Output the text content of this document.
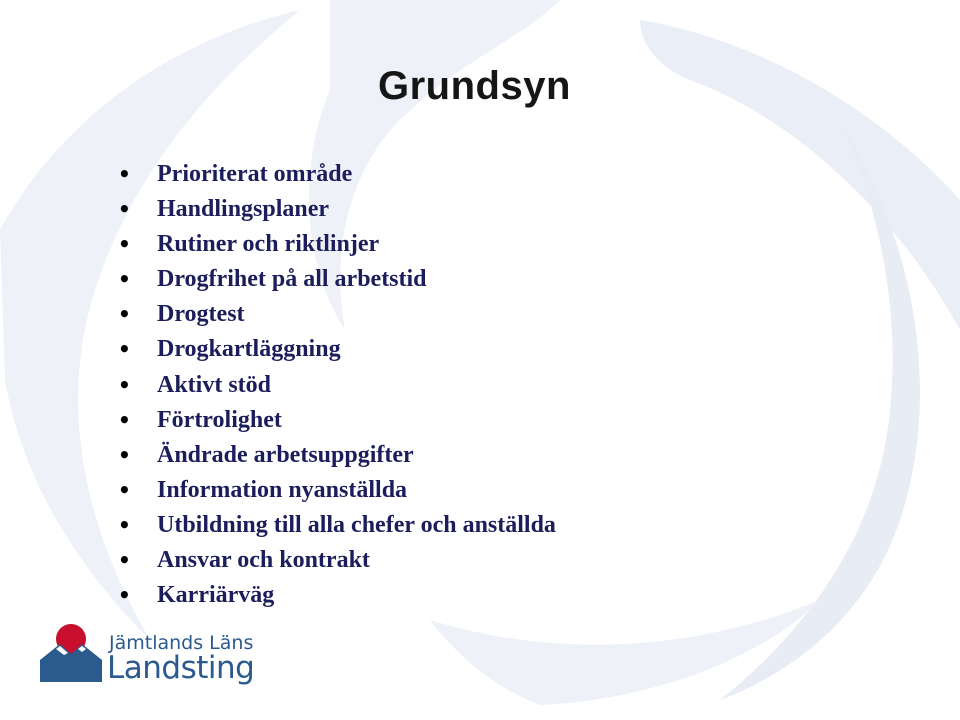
Grundsyn
• Prioriterat område
• Handlingsplaner
• Rutiner och riktlinjer
• Drogfrihet på all arbetstid
• Drogtest
• Drogkartläggning
• Aktivt stöd
• Förtrolighet
• Ändrade arbetsuppgifter
• Information nyanställda
• Utbildning till alla chefer och anställda
• Ansvar och kontrakt
• Karriärväg
Jämtlands Läns
Landsting
